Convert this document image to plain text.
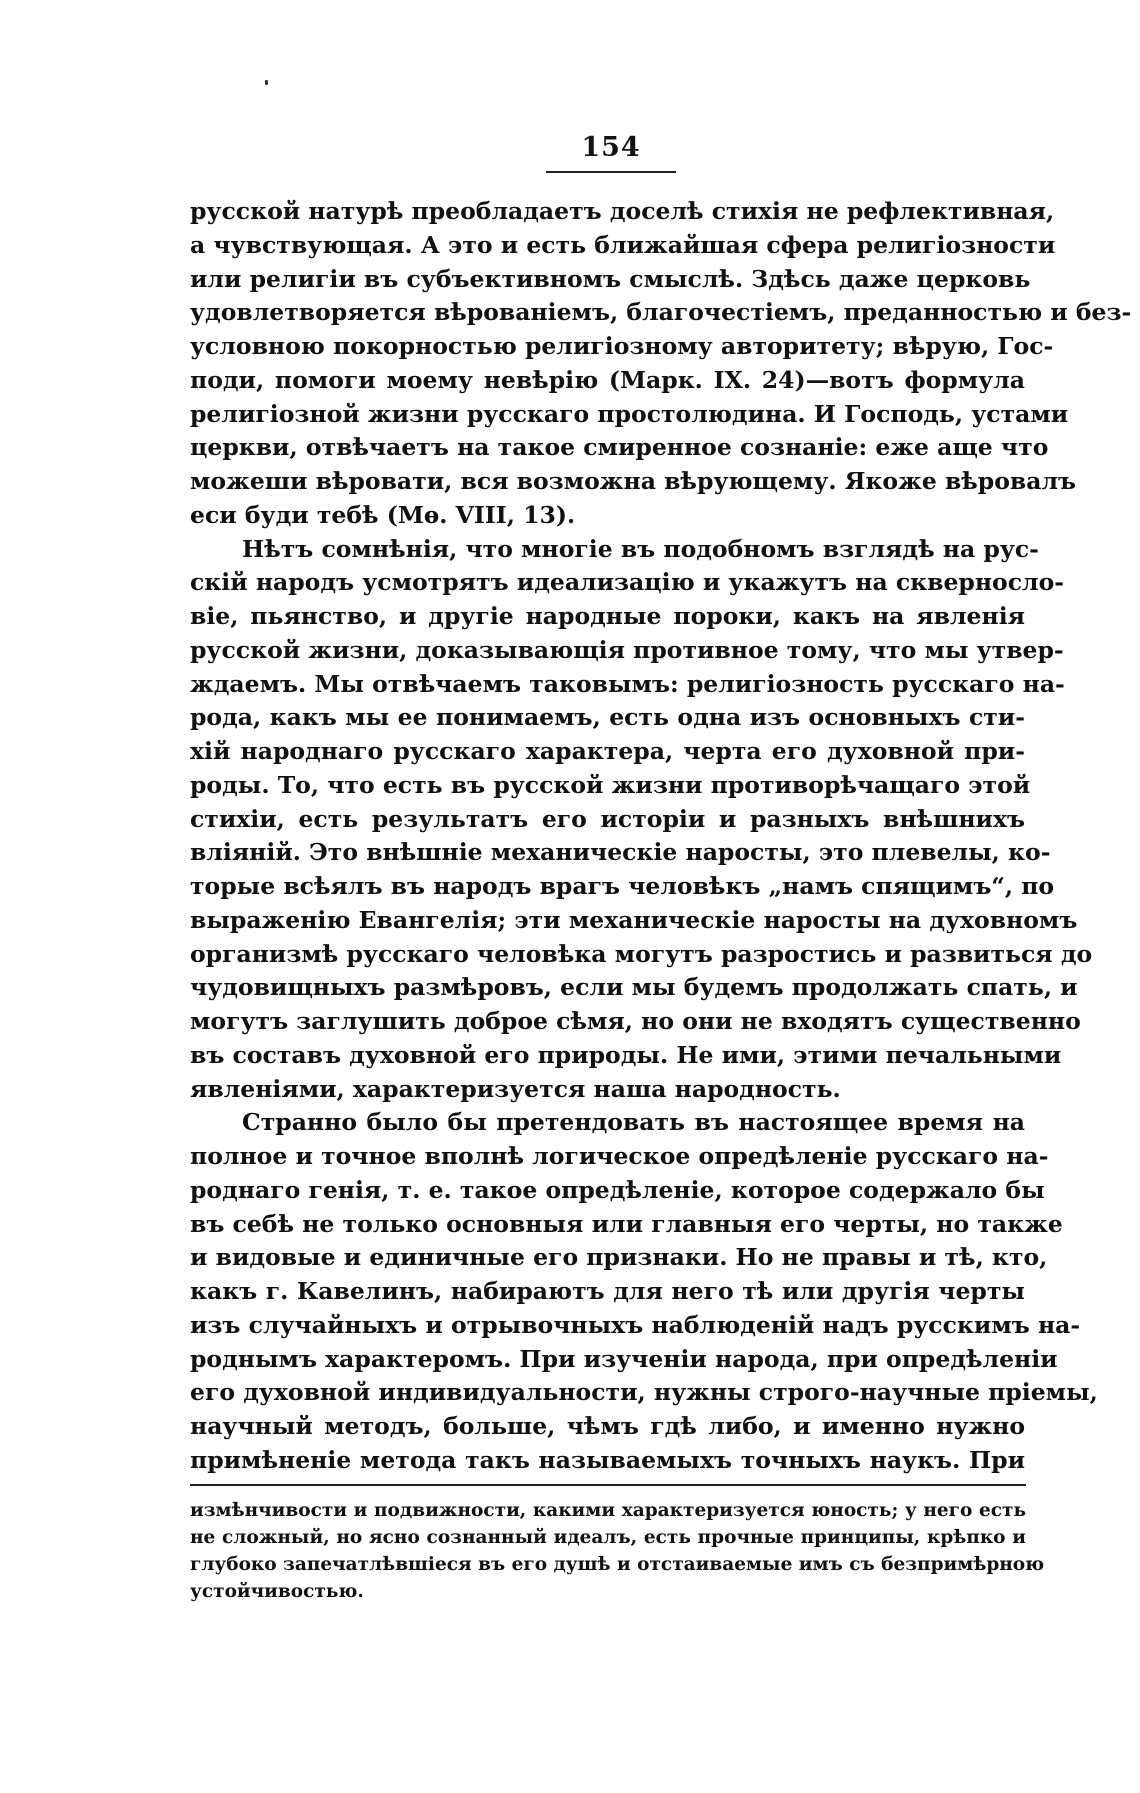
154
русской натурѣ преобладаетъ доселѣ стихія не рефлективная,
а чувствующая. А это и есть ближайшая сфера религіозности
или религіи въ субъективномъ смыслѣ. Здѣсь даже церковь
удовлетворяется вѣрованіемъ, благочестіемъ, преданностью и без-
условною покорностью религіозному авторитету; вѣрую, Гос-
поди, помоги моему невѣрію (Марк. IX. 24)—вотъ формула
религіозной жизни русскаго простолюдина. И Господь, устами
церкви, отвѣчаетъ на такое смиренное сознаніе: еже аще что
можеши вѣровати, вся возможна вѣрующему. Якоже вѣровалъ
еси буди тебѣ (Mѳ. VIII, 13).
Нѣтъ сомнѣнія, что многіе въ подобномъ взглядѣ на рус-
скій народъ усмотрятъ идеализацію и укажутъ на сквернослo-
віе, пьянство, и другіе народные пороки, какъ на явленія
русской жизни, доказывающія противное тому, что мы утвер-
ждаемъ. Мы отвѣчаемъ таковымъ: религіозность русскаго на-
рода, какъ мы ее понимаемъ, есть одна изъ основныхъ сти-
хій народнаго русскаго характера, черта его духовной при-
роды. То, что есть въ русской жизни противорѣчащаго этой
стихіи, есть результатъ его исторіи и разныхъ внѣшнихъ
вліяній. Это внѣшніе механическіе наросты, это плевелы, ко-
торые всѣялъ въ народъ врагъ человѣкъ „намъ спящимъ“, по
выраженію Евангелія; эти механическіе наросты на духовномъ
организмѣ русскаго человѣка могутъ разростись и развиться до
чудовищныхъ размѣровъ, если мы будемъ продолжать спать, и
могутъ заглушить доброе сѣмя, но они не входятъ существенно
въ составъ духовной его природы. Не ими, этими печальными
явленіями, характеризуется наша народность.
Странно было бы претендовать въ настоящее время на
полное и точное вполнѣ логическое опредѣленіе русскаго на-
роднаго генія, т. е. такое опредѣленіе, которое содержало бы
въ себѣ не только основныя или главныя его черты, но также
и видовые и единичные его признаки. Но не правы и тѣ, кто,
какъ г. Кавелинъ, набираютъ для него тѣ или другія черты
изъ случайныхъ и отрывочныхъ наблюденій надъ русскимъ на-
роднымъ характеромъ. При изученіи народа, при опредѣленіи
его духовной индивидуальности, нужны строго-научные пріемы,
научный методъ, больше, чѣмъ гдѣ либо, и именно нужно
примѣненіе метода такъ называемыхъ точныхъ наукъ. При
измѣнчивости и подвижности, какими характеризуется юность; у него есть
не сложный, но ясно сознанный идеалъ, есть прочные принципы, крѣпко и
глубоко запечатлѣвшіеся въ его душѣ и отстаиваемые имъ съ безпримѣрною
устойчивостью.
